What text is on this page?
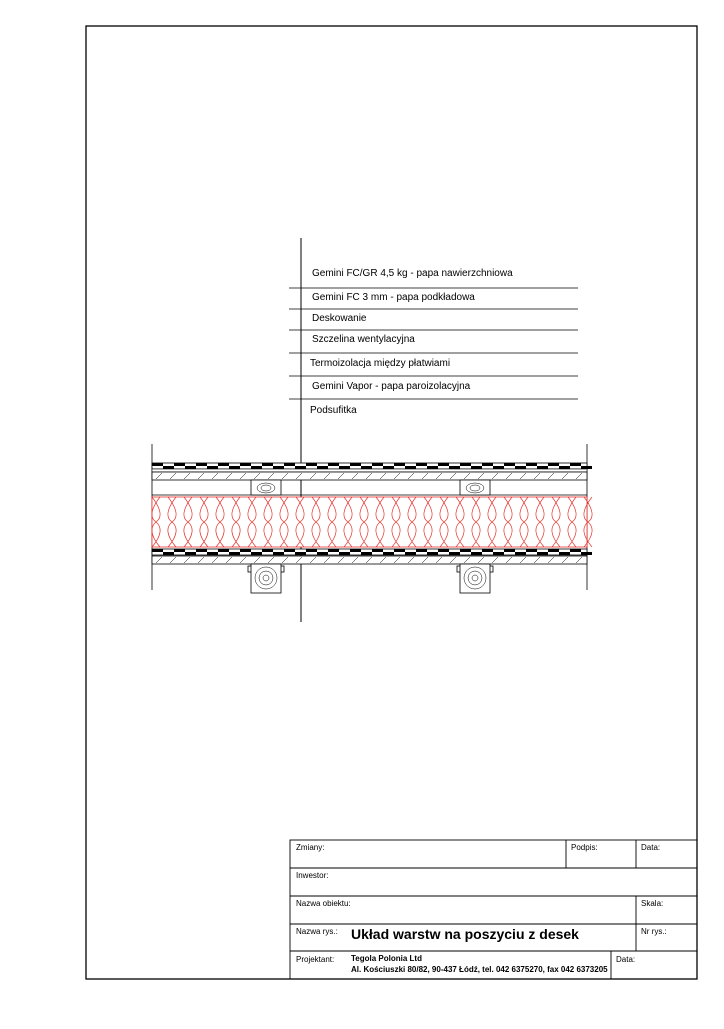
Gemini FC/GR 4,5 kg - papa nawierzchniowa
Gemini FC 3 mm - papa podkładowa
Deskowanie
Szczelina wentylacyjna
Termoizolacja między płatwiami
Gemini Vapor - papa paroizolacyjna
Podsufitka
Zmiany:	Podpis:	Data:
Inwestor:
Nazwa obiektu:	Skala:
Nazwa rys.: Układ warstw na poszyciu z desek	Nr rys.:
Projektant: Tegola Polonia Ltd
Al. Kościuszki 80/82, 90-437 Łódź, tel. 042 6375270, fax 042 6373205
Data:
